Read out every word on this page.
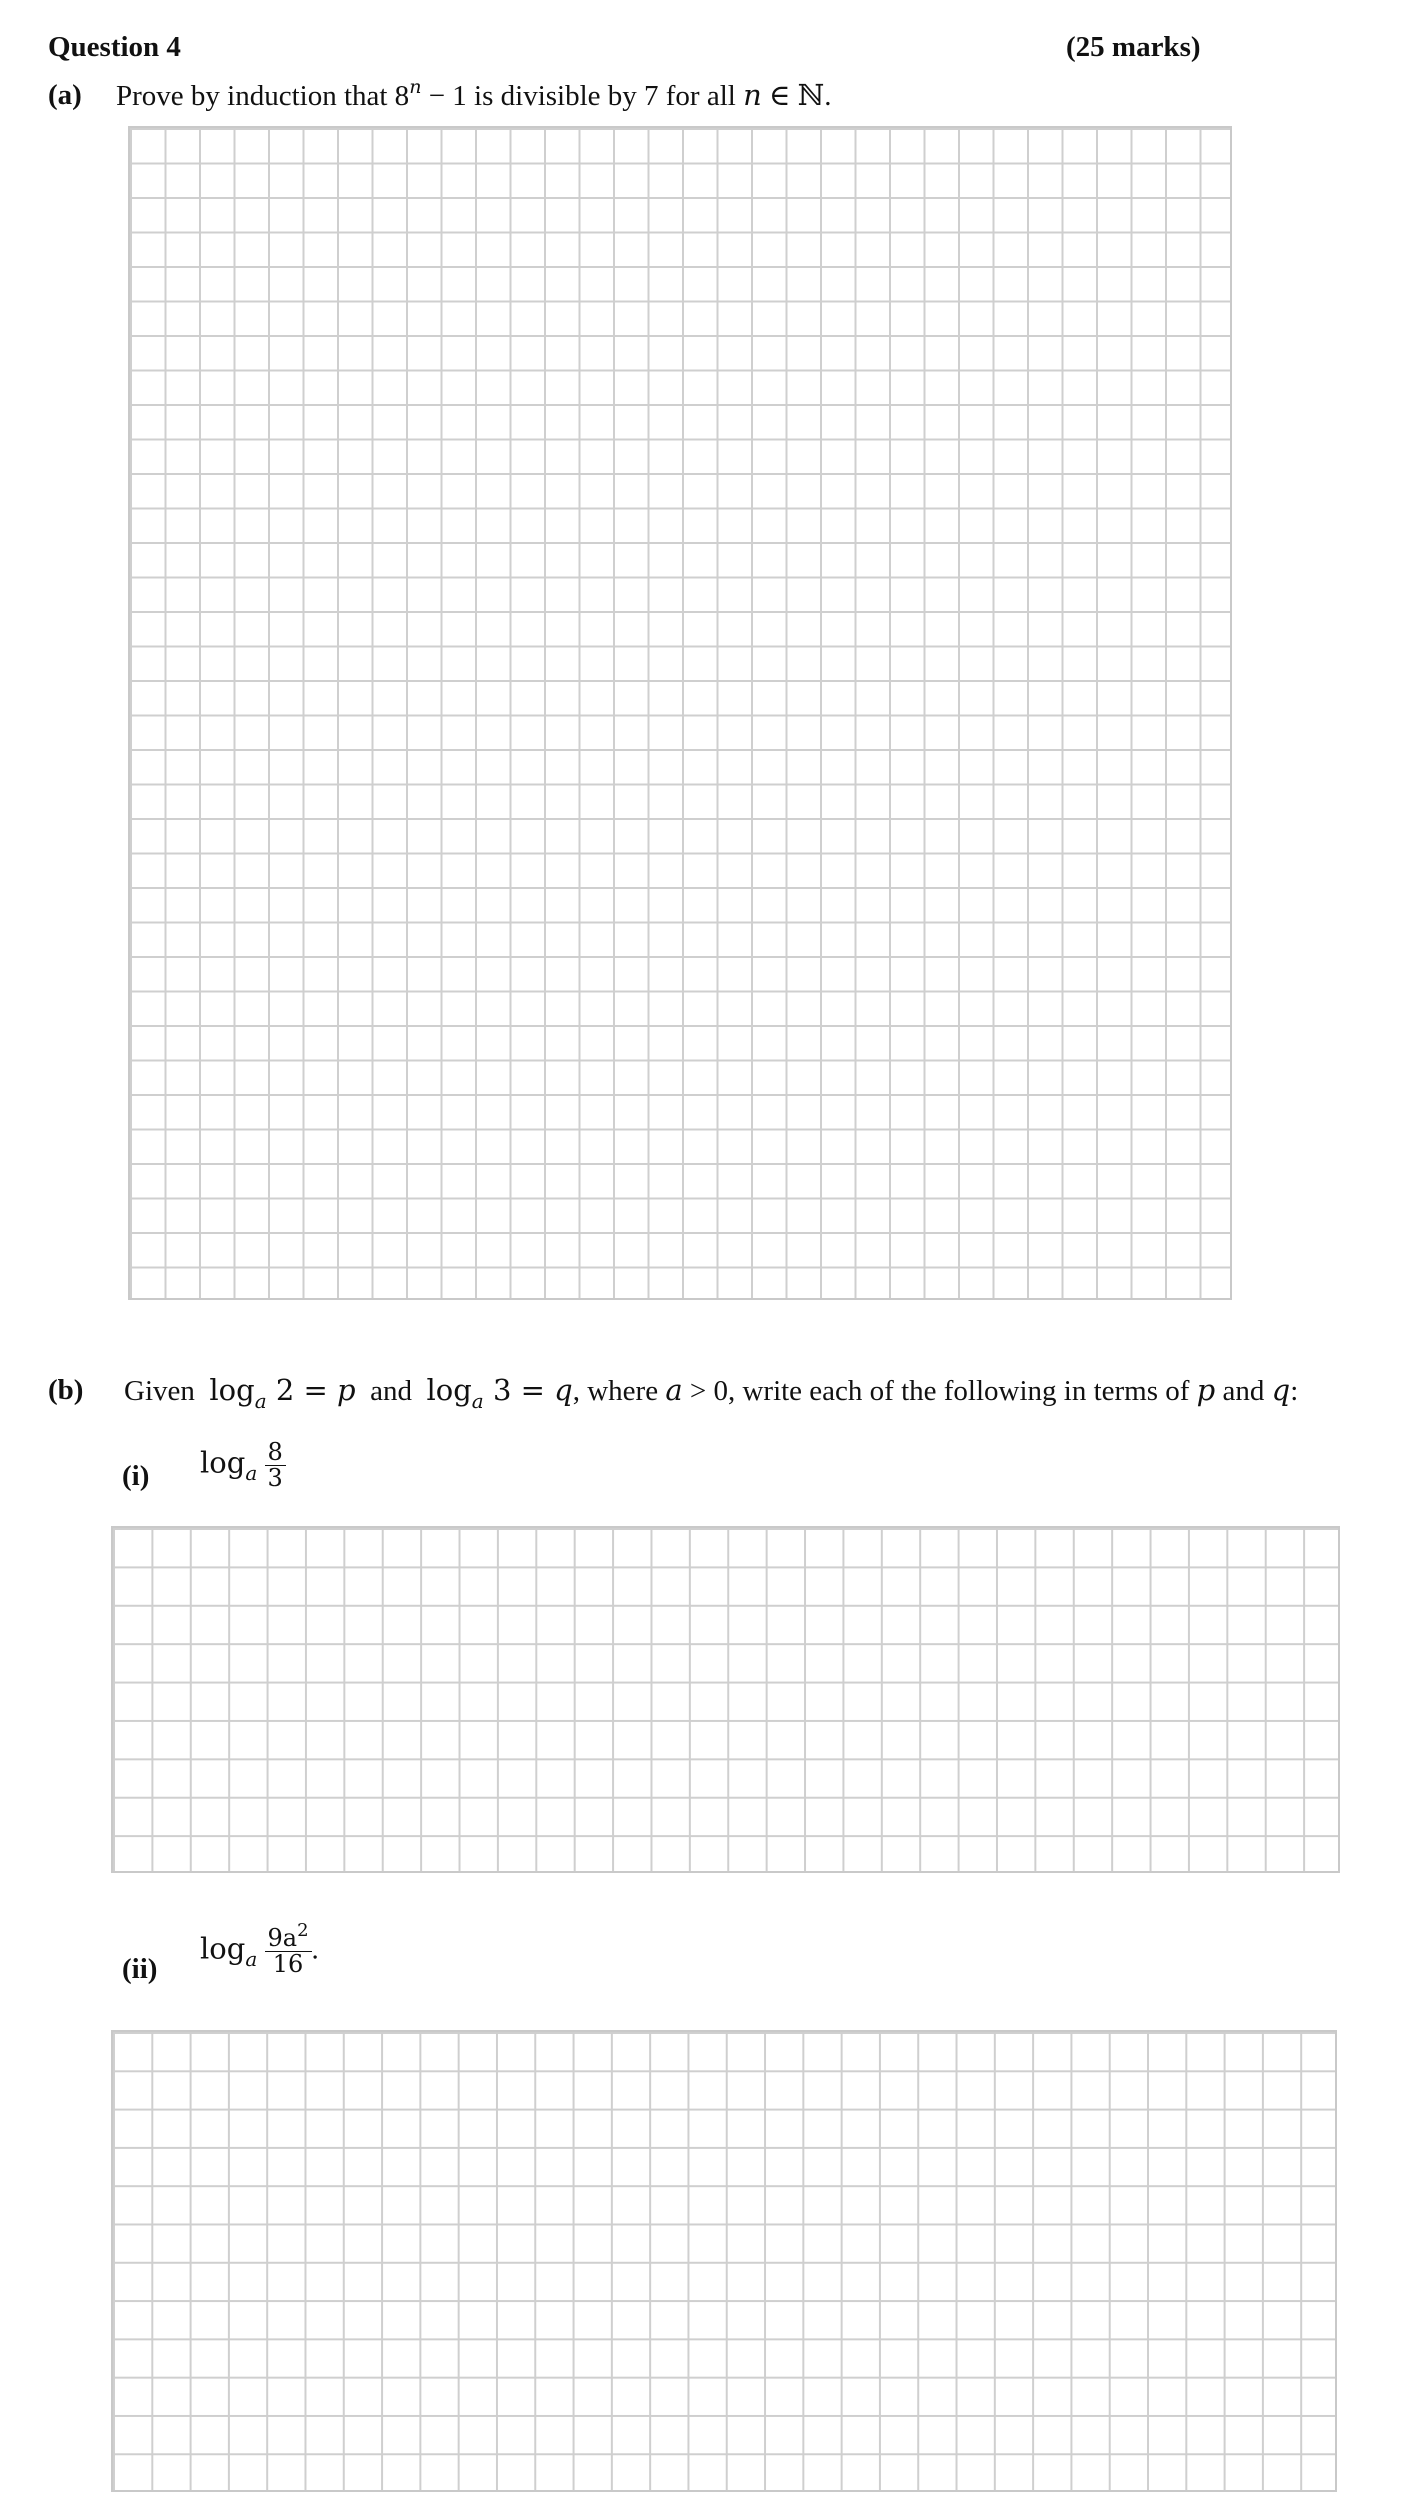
Question 4	(25 marks)
(a) Prove by induction that $8^n - 1$ is divisible by 7 for all n ∈ ℕ.
(b) Given $\log_a 2 = p$ and $\log_a 3 = q$, where a > 0, write each of the following in terms of p and q:
(i) $\log_a \frac{8}{3}$
(ii)
$\log_a \frac{9a^2}{16}$ .
